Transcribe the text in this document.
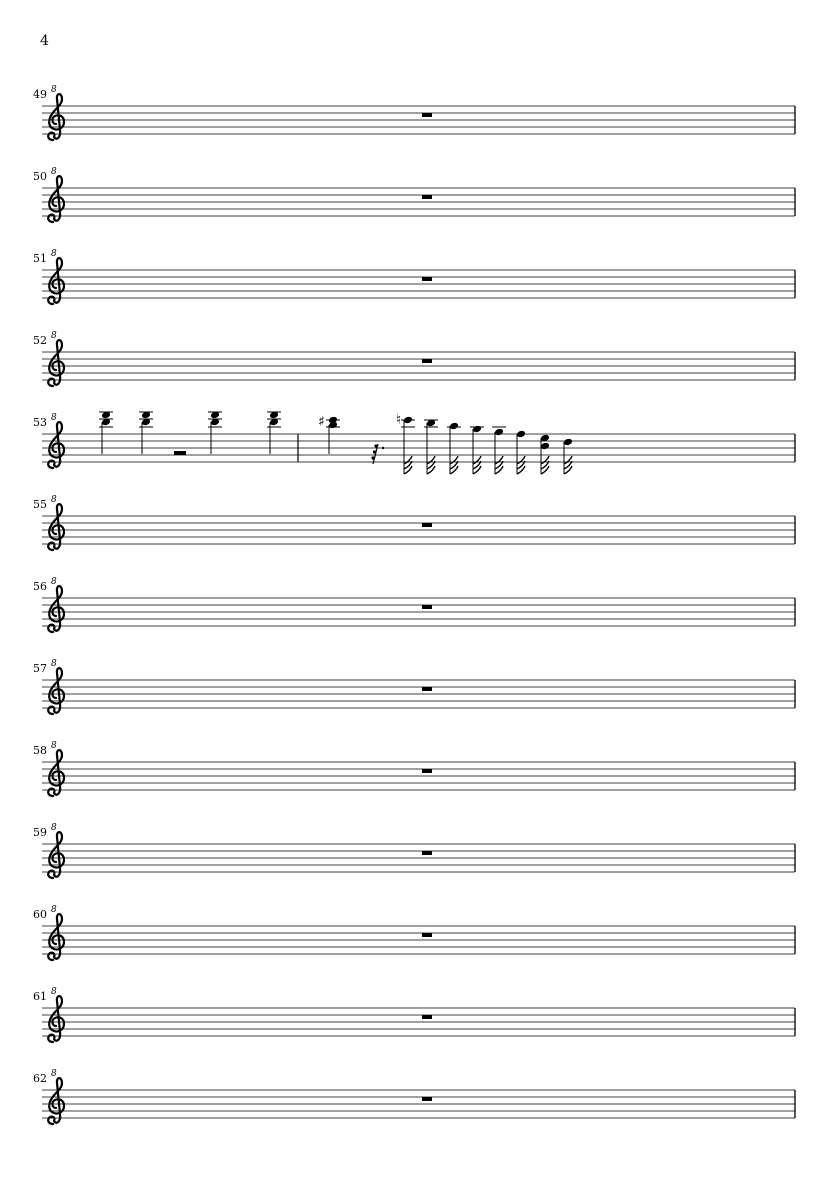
4
49 8
50 8
51 8
52 8
53 8	♯	♮
55 8
56 8
57 8
58 8
59 8
60 8
61 8
62 8
